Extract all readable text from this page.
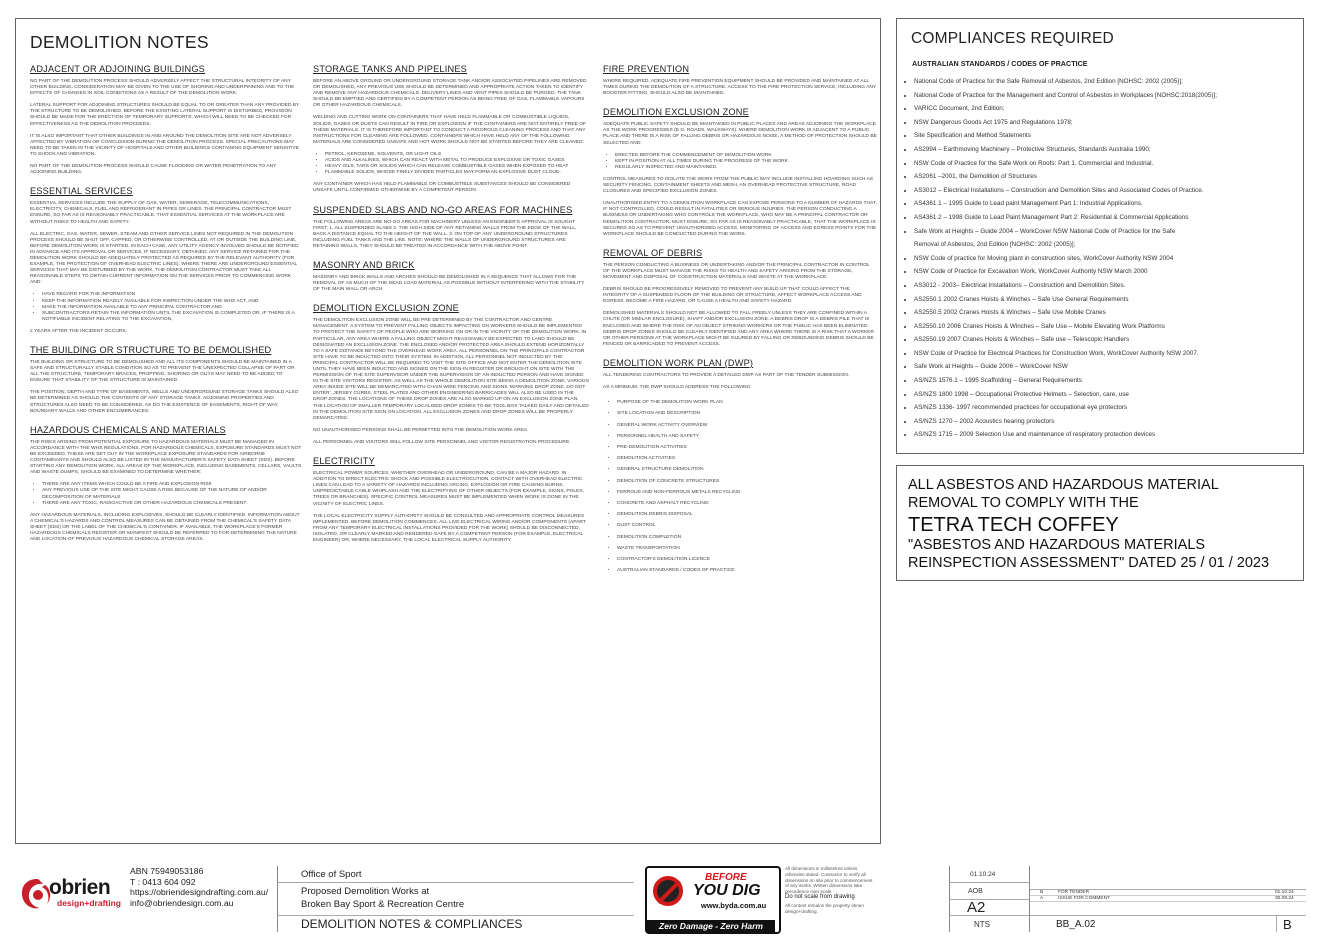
DEMOLITION NOTES
ADJACENT OR ADJOINING BUILDINGS
NO PART OF THE DEMOLITION PROCESS SHOULD ADVERSELY AFFECT THE STRUCTURAL INTEGRITY OF ANY OTHER BUILDING. CONSIDERATION MAY BE GIVEN TO THE USE OF SHORING AND UNDERPINNING AND TO THE EFFECTS OF CHANGES IN SOIL CONDITIONS AS A RESULT OF THE DEMOLITION WORK.
LATERAL SUPPORT FOR ADJOINING STRUCTURES SHOULD BE EQUAL TO OR GREATER THAN ANY PROVIDED BY THE STRUCTURE TO BE DEMOLISHED. BEFORE THE EXISTING LATERAL SUPPORT IS DISTURBED, PROVISION SHOULD BE MADE FOR THE ERECTION OF TEMPORARY SUPPORTS, WHICH WILL NEED TO BE CHECKED FOR EFFECTIVENESS AS THE DEMOLITION PROCEEDS.
IT IS ALSO IMPORTANT THAT OTHER BUILDINGS IN AND AROUND THE DEMOLITION SITE ARE NOT ADVERSELY AFFECTED BY VIBRATION OR CONCUSSION DURING THE DEMOLITION PROCESS. SPECIAL PRECAUTIONS MAY NEED TO BE TAKEN IN THE VICINITY OF HOSPITALS AND OTHER BUILDINGS CONTAINING EQUIPMENT SENSITIVE TO SHOCK AND VIBRATION.
NO PART OF THE DEMOLITION PROCESS SHOULD CAUSE FLOODING OR WATER PENETRATION TO ANY ADJOINING BUILDING.
ESSENTIAL SERVICES
ESSENTIAL SERVICES INCLUDE THE SUPPLY OF GAS, WATER, SEWERAGE, TELECOMMUNICATIONS, ELECTRICITY, CHEMICALS, FUEL AND REFRIGERANT IN PIPES OR LINES. THE PRINCIPAL CONTRACTOR MUST ENSURE, SO FAR AS IS REASONABLY PRACTICABLE, THAT ESSENTIAL SERVICES AT THE WORKPLACE ARE WITHOUT RISKS TO HEALTH AND SAFETY.
ALL ELECTRIC, GAS, WATER, SEWER, STEAM AND OTHER SERVICE LINES NOT REQUIRED IN THE DEMOLITION PROCESS SHOULD BE SHUT OFF, CAPPED, OR OTHERWISE CONTROLLED, AT OR OUTSIDE THE BUILDING LINE, BEFORE DEMOLITION WORK IS STARTED. IN EACH CASE, ANY UTILITY AGENCY INVOLVED SHOULD BE NOTIFIED IN ADVANCE AND ITS APPROVAL OR SERVICES, IF NECESSARY, OBTAINED. ANY SERVICE RETAINED FOR THE DEMOLITION WORK SHOULD BE ADEQUATELY PROTECTED AS REQUIRED BY THE RELEVANT AUTHORITY (FOR EXAMPLE, THE PROTECTION OF OVERHEAD ELECTRIC LINES). WHERE THERE ARE UNDERGROUND ESSENTIAL SERVICES THAT MAY BE DISTURBED BY THE WORK, THE DEMOLITION CONTRACTOR MUST TAKE ALL REASONABLE STEPS TO OBTAIN CURRENT INFORMATION ON THE SERVICES PRIOR TO COMMENCING WORK AND:
• HAVE REGARD FOR THE INFORMATION
• KEEP THE INFORMATION READILY AVAILABLE FOR INSPECTION UNDER THE WHS ACT, AND
• MAKE THE INFORMATION AVAILABLE TO ANY PRINCIPAL CONTRACTOR AND
• SUBCONTRACTORS RETAIN THE INFORMATION UNTIL THE EXCAVATION IS COMPLETED OR, IF THERE IS A NOTIFIABLE INCIDENT RELATING TO THE EXCAVATION,
2 YEARS AFTER THE INCIDENT OCCURS.
THE BUILDING OR STRUCTURE TO BE DEMOLISHED
THE BUILDING OR STRUCTURE TO BE DEMOLISHED AND ALL ITS COMPONENTS SHOULD BE MAINTAINED IN A SAFE AND STRUCTURALLY STABLE CONDITION SO AS TO PREVENT THE UNEXPECTED COLLAPSE OF PART OR ALL THE STRUCTURE. TEMPORARY BRACES, PROPPING, SHORING OR GUYS MAY NEED TO BE ADDED TO ENSURE THAT STABILITY OF THE STRUCTURE IS MAINTAINED.
THE POSITION, DEPTH AND TYPE OF BASEMENTS, WELLS AND UNDERGROUND STORAGE TANKS SHOULD ALSO BE DETERMINED AS SHOULD THE CONTENTS OF ANY STORAGE TANKS. ADJOINING PROPERTIES AND STRUCTURES ALSO NEED TO BE CONSIDERED, AS DO THE EXISTENCE OF EASEMENTS, RIGHT OF WAY, BOUNDARY WALLS AND OTHER ENCUMBRANCES.
HAZARDOUS CHEMICALS AND MATERIALS
THE RISKS ARISING FROM POTENTIAL EXPOSURE TO HAZARDOUS MATERIALS MUST BE MANAGED IN ACCORDANCE WITH THE WHS REGULATIONS. FOR HAZARDOUS CHEMICALS, EXPOSURE STANDARDS MUST NOT BE EXCEEDED. THESE ARE SET OUT IN THE WORKPLACE EXPOSURE STANDARDS FOR AIRBORNE CONTAMINANTS AND SHOULD ALSO BE LISTED IN THE MANUFACTURER'S SAFETY DATA SHEET (SDS). BEFORE STARTING ANY DEMOLITION WORK, ALL AREAS OF THE WORKPLACE, INCLUDING BASEMENTS, CELLARS, VAULTS AND WASTE DUMPS, SHOULD BE EXAMINED TO DETERMINE WHETHER:
• THERE ARE ANY ITEMS WHICH COULD BE A FIRE AND EXPLOSION RISK
• ANY PREVIOUS USE OF THE SITE MIGHT CAUSE A RISK BECAUSE OF THE NATURE OF AND/OR DECOMPOSITION OF MATERIALS
• THERE ARE ANY TOXIC, RADIOACTIVE OR OTHER HAZARDOUS CHEMICALS PRESENT.
ANY HAZARDOUS MATERIALS, INCLUDING EXPLOSIVES, SHOULD BE CLEARLY IDENTIFIED. INFORMATION ABOUT A CHEMICAL'S HAZARDS AND CONTROL MEASURES CAN BE OBTAINED FROM THE CHEMICAL'S SAFETY DATA SHEET (SDS) OR THE LABEL OF THE CHEMICAL'S CONTAINER. IF AVAILABLE, THE WORKPLACE'S FORMER HAZARDOUS CHEMICALS REGISTER OR MANIFEST SHOULD BE REFERRED TO FOR DETERMINING THE NATURE AND LOCATION OF PREVIOUS HAZARDOUS CHEMICAL STORAGE AREAS.
STORAGE TANKS AND PIPELINES
BEFORE AN ABOVE GROUND OR UNDERGROUND STORAGE TANK AND/OR ASSOCIATED PIPELINES ARE REMOVED OR DEMOLISHED, ANY PREVIOUS USE SHOULD BE DETERMINED AND APPROPRIATE ACTION TAKEN TO IDENTIFY AND REMOVE ANY HAZARDOUS CHEMICALS. DELIVERY LINES AND VENT PIPES SHOULD BE PURGED. THE TANK SHOULD BE EMPTIED AND CERTIFIED BY A COMPETENT PERSON AS BEING FREE OF GAS, FLAMMABLE VAPOURS OR OTHER HAZARDOUS CHEMICALS.
WELDING AND CUTTING WORK ON CONTAINERS THAT HAVE HELD FLAMMABLE OR COMBUSTIBLE LIQUIDS, SOLIDS, GASES OR DUSTS CAN RESULT IN FIRE OR EXPLOSION IF THE CONTAINERS ARE NOT ENTIRELY FREE OF THESE MATERIALS. IT IS THEREFORE IMPORTANT TO CONDUCT A RIGOROUS CLEANING PROCESS AND THAT ANY INSTRUCTIONS FOR CLEANING ARE FOLLOWED. CONTAINERS WHICH HAVE HELD ANY OF THE FOLLOWING MATERIALS ARE CONSIDERED UNSAFE AND HOT WORK SHOULD NOT BE STARTED BEFORE THEY ARE CLEANED:
• PETROL, KEROSENE, SOLVENTS, OR LIGHT OILS
• ACIDS AND ALKALINES, WHICH CAN REACT WITH METAL TO PRODUCE EXPLOSIVE OR TOXIC GASES
• HEAVY OILS, TARS OR SOLIDS WHICH CAN RELEASE COMBUSTIBLE GASES WHEN EXPOSED TO HEAT
• FLAMMABLE SOLIDS, WHOSE FINELY DIVIDED PARTICLES MAY FORM AN EXPLOSIVE DUST CLOUD.
ANY CONTAINER WHICH HAS HELD FLAMMABLE OR COMBUSTIBLE SUBSTANCES SHOULD BE CONSIDERED UNSAFE UNTIL CONFIRMED OTHERWISE BY A COMPETENT PERSON
SUSPENDED SLABS AND NO-GO AREAS FOR MACHINES
THE FOLLOWING AREAS ARE NO-GO AREAS FOR MACHINERY UNLESS AN ENGINEER'S APPROVAL IS SOUGHT FIRST: 1. ALL SUSPENDED SLABS 2. THE HIGH SIDE OF ANY RETAINING WALLS FROM THE EDGE OF THE WALL, BACK A DISTANCE EQUAL TO THE HEIGHT OF THE WALL. 3. ON TOP OF ANY UNDERGROUND STRUCTURES INCLUDING FUEL TANKS AND THE LIKE. NOTE: WHERE THE WALLS OF UNDERGROUND STRUCTURES ARE RETAINING WALLS, THEY SHOULD BE TREATED IN ACCORDANCE WITH THE ABOVE POINT.
MASONRY AND BRICK
MASONRY AND BRICK WALLS AND ARCHES SHOULD BE DEMOLISHED IN A SEQUENCE THAT ALLOWS FOR THE REMOVAL OF AS MUCH OF THE DEAD LOAD MATERIAL AS POSSIBLE WITHOUT INTERFERING WITH THE STABILITY OF THE MAIN WALL OR ARCH.
DEMOLITION EXCLUSION ZONE
THE DEMOLITION EXCLUSION ZONE WILL BE PRE DETERMINED BY THE CONTRACTOR AND CENTRE MANAGEMENT. A SYSTEM TO PREVENT FALLING OBJECTS IMPACTING ON WORKERS SHOULD BE IMPLEMENTED TO PROTECT THE SAFETY OF PEOPLE WHO ARE WORKING ON OR IN THE VICINITY OF THE DEMOLITION WORK. IN PARTICULAR, ANY AREA WHERE A FALLING OBJECT MIGHT REASONABLY BE EXPECTED TO LAND SHOULD BE DESIGNATED AN EXCLUSION ZONE. THE ENCLOSED AND/OR PROTECTED AREA SHOULD EXTEND HORIZONTALLY TO A SAFE DISTANCE BEYOND THE OVERHEAD WORK AREA. ALL PERSONNEL ON THE PRINCIPALS CONTRACTOR SITE HAVE TO BE INDUCTED INTO THEIR SYSTEM. IN ADDITION, ALL PERSONNEL NOT INDUCTED BY THE PRINCIPAL CONTRACTOR WILL BE REQUIRED TO VISIT THE SITE OFFICE AND NOT ENTER THE DEMOLITION SITE UNTIL THEY HAVE BEEN INDUCTED AND SIGNED ON THE SIGN-IN REGISTER OR BROUGHT ON SITE WITH THE PERMISSION OF THE SITE SUPERVISOR UNDER THE SUPERVISION OF AN INDUCTED PERSON AND HAVE SIGNED IN THE SITE VISITORS REGISTER. AS WELL AS THE WHOLE DEMOLITION SITE BEING A DEMOLITION ZONE, VARIOUS AREA INSIDE SITE WILL BE DEMARCATED WITH CHAIN WIRE FENCING AND SIGNS 'WARNING DROP ZONE. DO NOT ENTER'. JERSEY CURBS, STEEL PLATES AND OTHER ENGINEERING BARRICADES WILL ALSO BE USED IN THE DROP ZONES. THE LOCATIONS OF THESE DROP ZONES ARE ALSO MARKED UP ON AN EXCLUSION ZONE PLAN. THE LOCATION OF SMALLER TEMPORARY LOCALISED DROP ZONES TO BE TOOL BOX TALKED DAILY AND DETAILED IN THE DEMOLITION SITE SIGN ON LOCATION. ALL EXCLUSION ZONES AND DROP ZONES WILL BE PROPERLY DEMARCATED.
NO UNAUTHORISED PERSONS SHALL BE PERMITTED INTO THE DEMOLITION WORK AREA.
ALL PERSONNEL AND VISITORS WILL FOLLOW SITE PERSONNEL AND VISITOR REGISTRATION PROCEDURE.
ELECTRICITY
ELECTRICAL POWER SOURCES, WHETHER OVERHEAD OR UNDERGROUND, CAN BE A MAJOR HAZARD. IN ADDITION TO DIRECT ELECTRIC SHOCK AND POSSIBLE ELECTROCUTION, CONTACT WITH OVERHEAD ELECTRIC LINES CAN LEAD TO A VARIETY OF HAZARDS INCLUDING ARCING, EXPLOSION OR FIRE CAUSING BURNS, UNPREDICTABLE CABLE WHIPLASH AND THE ELECTRIFYING OF OTHER OBJECTS (FOR EXAMPLE, SIGNS, POLES, TREES OR BRANCHES). SPECIFIC CONTROL MEASURES MUST BE IMPLEMENTED WHEN WORK IS DONE IN THE VICINITY OF ELECTRIC LINES.
THE LOCAL ELECTRICITY SUPPLY AUTHORITY SHOULD BE CONSULTED AND APPROPRIATE CONTROL MEASURES IMPLEMENTED. BEFORE DEMOLITION COMMENCES, ALL LIVE ELECTRICAL WIRING AND/OR COMPONENTS (APART FROM ANY TEMPORARY ELECTRICAL INSTALLATIONS PROVIDED FOR THE WORK) SHOULD BE DISCONNECTED, ISOLATED, OR CLEARLY MARKED AND RENDERED SAFE BY A COMPETENT PERSON (FOR EXAMPLE, ELECTRICAL ENGINEER) OR, WHERE NECESSARY, THE LOCAL ELECTRICAL SUPPLY AUTHORITY.
FIRE PREVENTION
WHERE REQUIRED, ADEQUATE FIRE PREVENTION EQUIPMENT SHOULD BE PROVIDED AND MAINTAINED AT ALL TIMES DURING THE DEMOLITION OF A STRUCTURE. ACCESS TO THE FIRE PROTECTION SERVICE, INCLUDING ANY BOOSTER FITTING, SHOULD ALSO BE MAINTAINED.
DEMOLITION EXCLUSION ZONE
ADEQUATE PUBLIC SAFETY SHOULD BE MAINTAINED IN PUBLIC PLACES AND AREAS ADJOINING THE WORKPLACE AS THE WORK PROGRESSES (E.G. ROADS, WALKWAYS). WHERE DEMOLITION WORK IS ADJACENT TO A PUBLIC PLACE AND THERE IS A RISK OF FALLING DEBRIS OR HAZARDOUS NOISE, A METHOD OF PROTECTION SHOULD BE SELECTED AND:
• ERECTED BEFORE THE COMMENCEMENT OF DEMOLITION WORK
• KEPT IN POSITION AT ALL TIMES DURING THE PROGRESS OF THE WORK
• REGULARLY INSPECTED AND MAINTAINED.
CONTROL MEASURES TO ISOLATE THE WORK FROM THE PUBLIC MAY INCLUDE INSTALLING HOARDING SUCH AS SECURITY FENCING, CONTAINMENT SHEETS AND MESH, AN OVERHEAD PROTECTIVE STRUCTURE, ROAD CLOSURES AND SPECIFIED EXCLUSION ZONES.
UNAUTHORISED ENTRY TO A DEMOLITION WORKPLACE CAN EXPOSE PERSONS TO A NUMBER OF HAZARDS THAT, IF NOT CONTROLLED, COULD RESULT IN FATALITIES OR SERIOUS INJURIES. THE PERSON CONDUCTING A BUSINESS OR UNDERTAKING WHO CONTROLS THE WORKPLACE, WHO MAY BE A PRINCIPAL CONTRACTOR OR DEMOLITION CONTRACTOR, MUST ENSURE, SO FAR AS IS REASONABLY PRACTICABLE, THAT THE WORKPLACE IS SECURED SO AS TO PREVENT UNAUTHORISED ACCESS. MONITORING OF ACCESS AND EGRESS POINTS FOR THE WORKPLACE SHOULD BE CONDUCTED DURING THE WORK.
REMOVAL OF DEBRIS
THE PERSON CONDUCTING A BUSINESS OR UNDERTAKING AND/OR THE PRINCIPAL CONTRACTOR IN CONTROL OF THE WORKPLACE MUST MANAGE THE RISKS TO HEALTH AND SAFETY ARISING FROM THE STORAGE, MOVEMENT AND DISPOSAL OF CONSTRUCTION MATERIALS AND WASTE AT THE WORKPLACE.
DEBRIS SHOULD BE PROGRESSIVELY REMOVED TO PREVENT ANY BUILD UP THAT COULD AFFECT THE INTEGRITY OF A SUSPENDED FLOOR OF THE BUILDING OR STRUCTURE, AFFECT WORKPLACE ACCESS AND EGRESS, BECOME A FIRE HAZARD, OR CAUSE A HEALTH AND SAFETY HAZARD.
DEMOLISHED MATERIALS SHOULD NOT BE ALLOWED TO FALL FREELY UNLESS THEY ARE CONFINED WITHIN A CHUTE (OR SIMILAR ENCLOSURE), SHAFT AND/OR EXCLUSION ZONE. A DEBRIS DROP IS A DEBRIS PILE THAT IS ENCLOSED AND WHERE THE RISK OF AN OBJECT STRIKING WORKERS OR THE PUBLIC HAS BEEN ELIMINATED. DEBRIS DROP ZONES SHOULD BE CLEARLY IDENTIFIED AND ANY AREA WHERE THERE IS A RISK THAT A WORKER OR OTHER PERSONS AT THE WORKPLACE MIGHT BE INJURED BY FALLING OR REBOUNDING DEBRIS SHOULD BE FENCED OR BARRICADED TO PREVENT ACCESS.
DEMOLITION WORK PLAN (DWP)
ALL TENDERING CONTRACTORS TO PROVIDE A DETAILED DWP AS PART OF THE TENDER SUBMISSION.
AS A MINIMUM, THE DWP SHOULD ADDRESS THE FOLLOWING:
• PURPOSE OF THE DEMOLITION WORK PLAN
• SITE LOCATION AND DESCRIPTION
• GENERAL WORK ACTIVITY OVERVIEW
• PERSONNEL HEALTH AND SAFETY
• PRE-DEMOLITION ACTIVITIES
• DEMOLITION ACTIVITIES
• GENERAL STRUCTURE DEMOLITION
• DEMOLITION OF CONCRETE STRUCTURES
• FERROUS AND NON-FERROUS METALS RECYCLING
• CONCRETE AND ASPHALT RECYCLING
• DEMOLITION DEBRIS DISPOSAL
• DUST CONTROL
• DEMOLITION COMPLETION
• WASTE TRANSPORTATION
• CONTRACTOR'S DEMOLITION LICENCE
• AUSTRALIAN STANDARDS / CODES OF PRACTICE
COMPLIANCES REQUIRED
AUSTRALIAN STANDARDS / CODES OF PRACTICE
• National Code of Practice for the Safe Removal of Asbestos, 2nd Edition [NOHSC: 2002 (2005)];
• National Code of Practice for the Management and Control of Asbestos in Workplaces [NOHSC:2018(2005)];
• VARICC Document, 2nd Edition;
• NSW Dangerous Goods Act 1975 and Regulations 1978;
• Site Specification and Method Statements
• AS2994 – Earthmoving Machinery – Protective Structures, Standards Australia 1990;
• NSW Code of Practice for the Safe Work on Roofs: Part 1. Commercial and Industrial.
• AS2061 –2001, the Demolition of Structures
• AS3012 – Electrical Installations – Construction and Demolition Sites and Associated Codes of Practice.
• AS4361.1 – 1995 Guide to Lead paint Management Part 1: Industrial Applications.
• AS4361.2 – 1998 Guide to Lead Paint Management Part 2: Residential & Commercial Applications
• Safe Work at Heights – Guide 2004 – WorkCover NSW National Code of Practice for the Safe
Removal of Asbestos, 2nd Edition [NOHSC: 2002 (2005)];
• NSW Code of practice for Moving plant in construction sites, WorkCover Authority NSW 2004
• NSW Code of Practice for Excavation Work, WorkCover Authority NSW March 2000
• AS3012 - 2003– Electrical Installations – Construction and Demolition Sites.
• AS2550.1 2002 Cranes Hoists & Winches – Safe Use General Requirements
• AS2550.5 2002 Cranes Hoists & Winches – Safe Use Mobile Cranes
• AS2550.10 2006 Cranes Hoists & Winches – Safe Use – Mobile Elevating Work Platforms
• AS2550.19 2007 Cranes Hoists & Winches – Safe use – Telescopic Handlers
• NSW Code of Practice for Electrical Practices for Construction Work, WorkCover Authority NSW 2007.
• Safe Work at Heights – Guide 2006 – WorkCover NSW
• AS/NZS 1576.1 – 1995 Scaffolding – General Requirements
• AS/NZS 1800 1998 – Occupational Protective Helmets – Selection, care, use
• AS/NZS 1336- 1997 recommended practices for occupational eye protectors
• AS/NZS 1270 – 2002 Acoustics hearing protectors
• AS/NZS 1715 – 2009 Selection Use and maintenance of respiratory protection devices
ALL ASBESTOS AND HAZARDOUS MATERIAL
REMOVAL TO COMPLY WITH THE
TETRA TECH COFFEY
"ASBESTOS AND HAZARDOUS MATERIALS
REINSPECTION ASSESSMENT" DATED 25 / 01 / 2023
obrien
design+drafting
ABN 75949053186
T : 0413 604 092
https://obriendesigndrafting.com.au/
info@obriendesign.com.au
Office of Sport
Proposed Demolition Works at
Broken Bay Sport & Recreation Centre
DEMOLITION NOTES & COMPLIANCES
BEFORE
YOU DIG
www.byda.com.au
Zero Damage - Zero Harm
All dimensions in millimetres unless otherwise stated. Contractor to verify all dimensions on site prior to commencement of any works. Written dimensions take precedence over scale.
Do not scale from drawing
All content remains the property obrien design+drafting.
01.10.24
AOB
A2
NTS
B	FOR TENDER	01.10.24
A	ISSUE FOR COMMENT	30.09.24
BB_A.02	B
